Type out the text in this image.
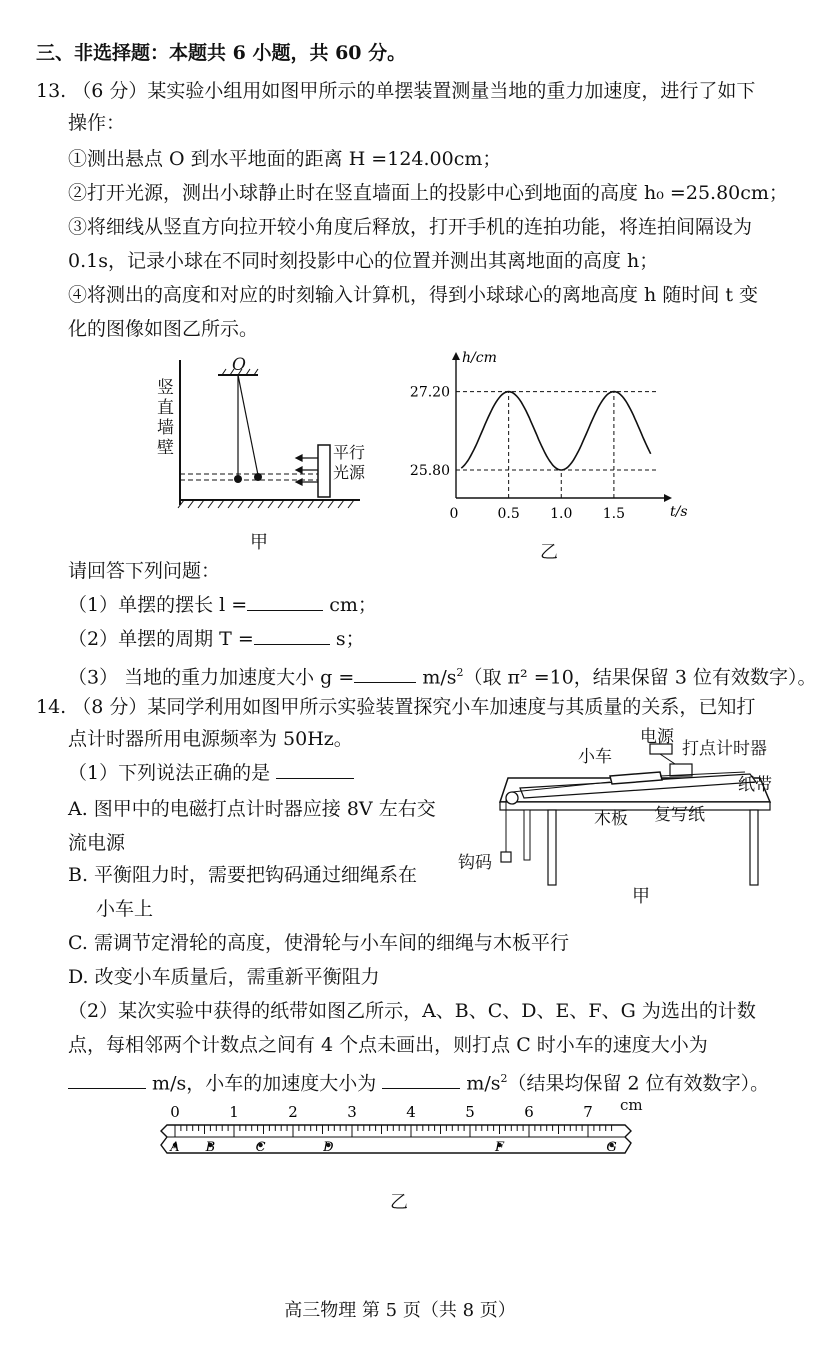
三、非选择题：本题共 6 小题，共 60 分。
13. （6 分）某实验小组用如图甲所示的单摆装置测量当地的重力加速度，进行了如下
操作：
①测出悬点 O 到水平地面的距离 H =124.00cm；
②打开光源，测出小球静止时在竖直墙面上的投影中心到地面的高度 h₀ =25.80cm；
③将细线从竖直方向拉开较小角度后释放，打开手机的连拍功能，将连拍间隔设为
0.1s，记录小球在不同时刻投影中心的位置并测出其离地面的高度 h；
④将测出的高度和对应的时刻输入计算机，得到小球球心的离地高度 h 随时间 t 变
化的图像如图乙所示。
竖直墙壁
O
平行
光源
甲
25.80
27.20
0	0.5 1.0 1.5	t/s
h/cm
乙
请回答下列问题：
（1）单摆的摆长 l =	cm；
（2）单摆的周期 T =	s；
（3） 当地的重力加速度大小 g =	$m/s^2$（取 π² =10，结果保留 3 位有效数字）。
14. （8 分）某同学利用如图甲所示实验装置探究小车加速度与其质量的关系，已知打
点计时器所用电源频率为 50Hz。
（1）下列说法正确的是
A. 图甲中的电磁打点计时器应接 8V 左右交
流电源
B. 平衡阻力时，需要把钩码通过细绳系在
小车上
C. 需调节定滑轮的高度，使滑轮与小车间的细绳与木板平行
D. 改变小车质量后，需重新平衡阻力
（2）某次实验中获得的纸带如图乙所示，A、B、C、D、E、F、G 为选出的计数
点，每相邻两个计数点之间有 4 个点未画出，则打点 C 时小车的速度大小为
m/s，小车的加速度大小为	$m/s^2$（结果均保留 2 位有效数字）。
电源
打点计时器
小车
纸带
木板 复写纸
钩码
甲
0	1	2	3	4	5	6	7
A B	C	D	F	G
cm
乙
高三物理 第 5 页（共 8 页）
